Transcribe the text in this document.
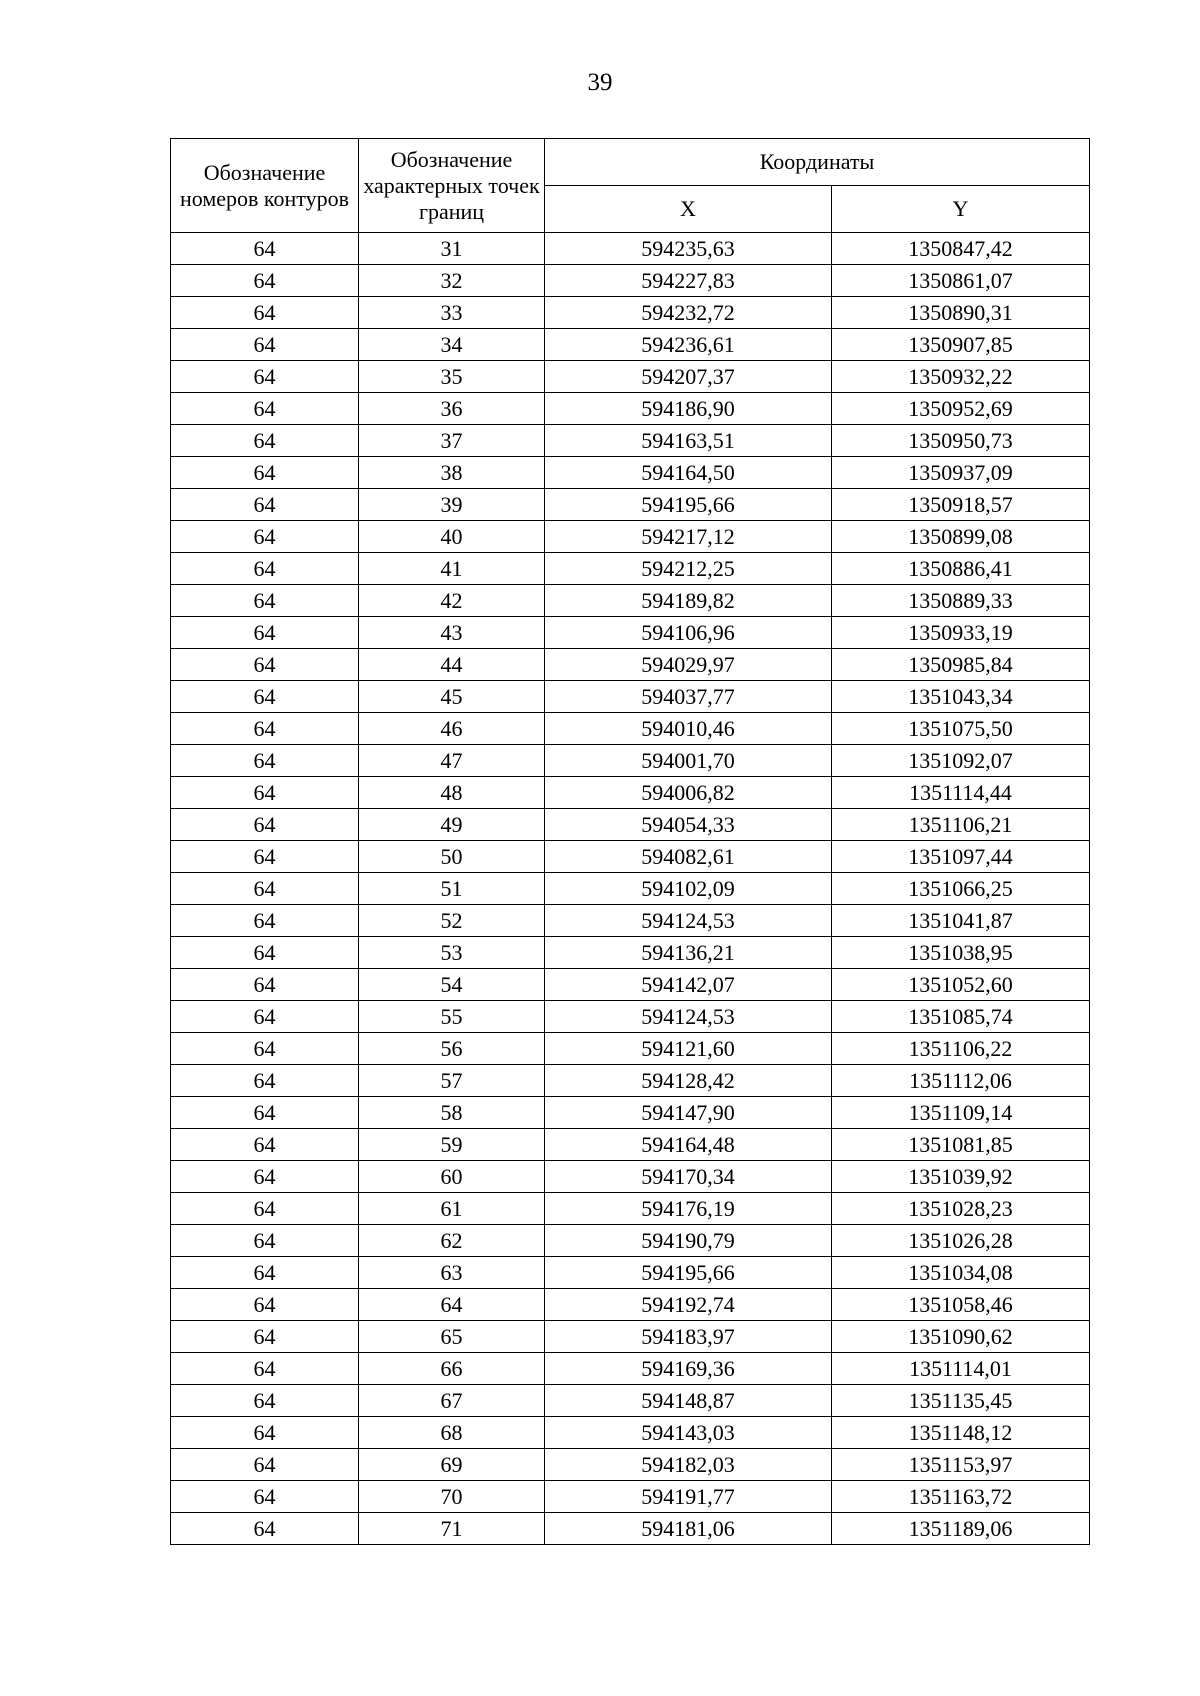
39
Обозначение номеров контуров	Обозначение характерных точек границ	Координаты	
		X	Y
64	31	594235,63	1350847,42
64	32	594227,83	1350861,07
64	33	594232,72	1350890,31
64	34	594236,61	1350907,85
64	35	594207,37	1350932,22
64	36	594186,90	1350952,69
64	37	594163,51	1350950,73
64	38	594164,50	1350937,09
64	39	594195,66	1350918,57
64	40	594217,12	1350899,08
64	41	594212,25	1350886,41
64	42	594189,82	1350889,33
64	43	594106,96	1350933,19
64	44	594029,97	1350985,84
64	45	594037,77	1351043,34
64	46	594010,46	1351075,50
64	47	594001,70	1351092,07
64	48	594006,82	1351114,44
64	49	594054,33	1351106,21
64	50	594082,61	1351097,44
64	51	594102,09	1351066,25
64	52	594124,53	1351041,87
64	53	594136,21	1351038,95
64	54	594142,07	1351052,60
64	55	594124,53	1351085,74
64	56	594121,60	1351106,22
64	57	594128,42	1351112,06
64	58	594147,90	1351109,14
64	59	594164,48	1351081,85
64	60	594170,34	1351039,92
64	61	594176,19	1351028,23
64	62	594190,79	1351026,28
64	63	594195,66	1351034,08
64	64	594192,74	1351058,46
64	65	594183,97	1351090,62
64	66	594169,36	1351114,01
64	67	594148,87	1351135,45
64	68	594143,03	1351148,12
64	69	594182,03	1351153,97
64	70	594191,77	1351163,72
64	71	594181,06	1351189,06
